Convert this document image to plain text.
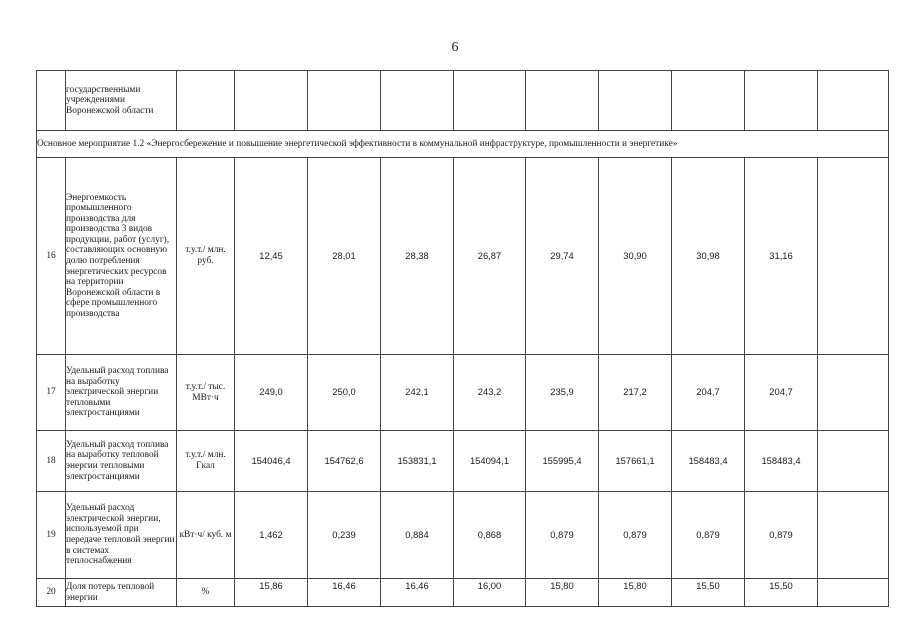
6
	государственными учреждениями Воронежской области										
Основное мероприятие 1.2 «Энергосбережение и повышение энергетической эффективности в коммунальной инфраструктуре, промышленности и энергетике»											
16	Энергоемкость промышленного производства для производства 3 видов продукции, работ (услуг), составляющих основную долю потребления энергетических ресурсов на территории Воронежской области в сфере промышленного производства	т.у.т./ млн. руб.	12,45	28,01	28,38	26,87	29,74	30,90	30,98	31,16	
17	Удельный расход топлива на выработку электрической энергии тепловыми электростанциями	т.у.т./ тыс. МВт·ч	249,0	250,0	242,1	243,2	235,9	217,2	204,7	204,7	
18	Удельный расход топлива на выработку тепловой энергии тепловыми электростанциями	т.у.т./ млн. Гкал	154046,4	154762,6	153831,1	154094,1	155995,4	157661,1	158483,4	158483,4	
19	Удельный расход электрической энергии, используемой при передаче тепловой энергии в системах теплоснабжения	кВт·ч/ куб. м	1,462	0,239	0,884	0,868	0,879	0,879	0,879	0,879	
20	Доля потерь тепловой энергии	%	15,86	16,46	16,46	16,00	15,80	15,80	15,50	15,50	
